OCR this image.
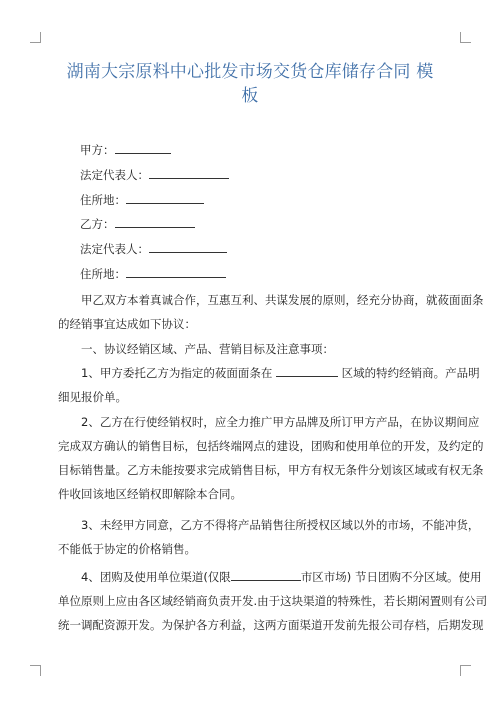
湖南大宗原料中心批发市场交货仓库储存合同 模
板
甲方：
法定代表人：
住所地：
乙方：
法定代表人：
住所地：
甲乙双方本着真诚合作，互惠互利、共谋发展的原则，经充分协商，就莜面面条
的经销事宜达成如下协议：
一、协议经销区域、产品、营销目标及注意事项：
1、甲方委托乙方为指定的莜面面条在	区域的特约经销商。产品明
细见报价单。
2、乙方在行使经销权时，应全力推广甲方品牌及所订甲方产品，在协议期间应
完成双方确认的销售目标，包括终端网点的建设，团购和使用单位的开发，及约定的
目标销售量。乙方未能按要求完成销售目标，甲方有权无条件分划该区域或有权无条
件收回该地区经销权即解除本合同。
3、未经甲方同意，乙方不得将产品销售往所授权区域以外的市场，不能冲货，
不能低于协定的价格销售。
4、团购及使用单位渠道(仅限	市区市场) 节日团购不分区域。使用
单位原则上应由各区域经销商负责开发.由于这块渠道的特殊性，若长期闲置则有公司
统一调配资源开发。为保护各方利益，这两方面渠道开发前先报公司存档，后期发现
